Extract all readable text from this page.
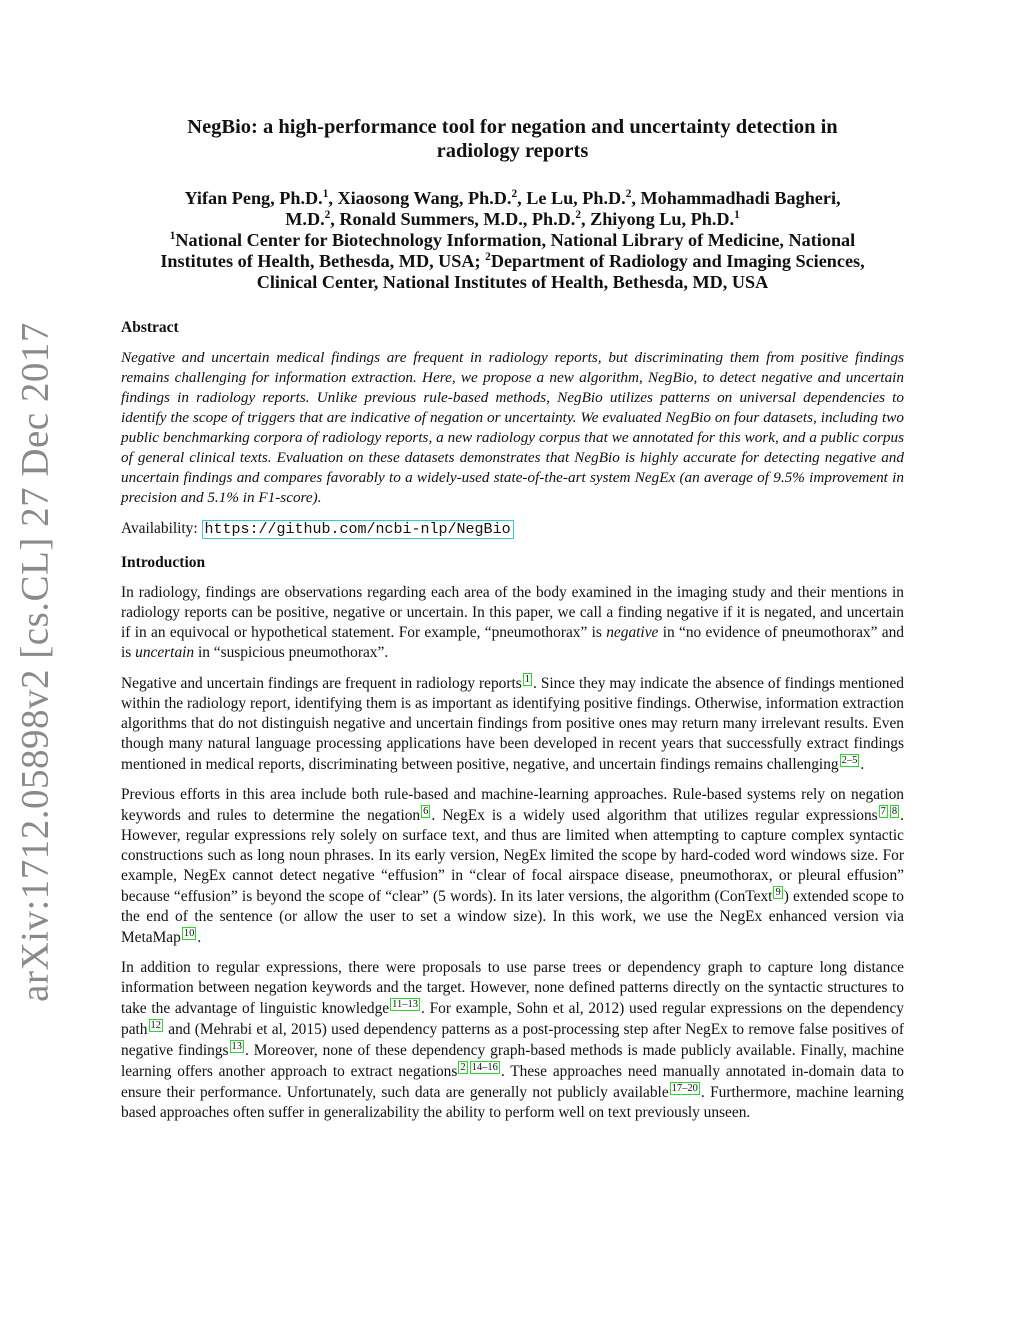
arXiv:1712.05898v2 [cs.CL] 27 Dec 2017
NegBio: a high-performance tool for negation and uncertainty detection in
radiology reports
Yifan Peng, Ph.D.$^1$, Xiaosong Wang, Ph.D.$^2$, Le Lu, Ph.D.$^2$, Mohammadhadi Bagheri,
M.D.$^2$, Ronald Summers, M.D., Ph.D.$^2$, Zhiyong Lu, Ph.D.$^1$
$^1$National Center for Biotechnology Information, National Library of Medicine, National
Institutes of Health, Bethesda, MD, USA; $^2$Department of Radiology and Imaging Sciences,
Clinical Center, National Institutes of Health, Bethesda, MD, USA
Abstract
Negative and uncertain medical findings are frequent in radiology reports, but discriminating them from positive findings remains challenging for information extraction. Here, we propose a new algorithm, NegBio, to detect negative and uncertain findings in radiology reports. Unlike previous rule-based methods, NegBio utilizes patterns on universal dependencies to identify the scope of triggers that are indicative of negation or uncertainty. We evaluated NegBio on four datasets, including two public benchmarking corpora of radiology reports, a new radiology corpus that we annotated for this work, and a public corpus of general clinical texts. Evaluation on these datasets demonstrates that NegBio is highly accurate for detecting negative and uncertain findings and compares favorably to a widely-used state-of-the-art system NegEx (an average of 9.5% improvement in precision and 5.1% in F1-score).
Availability: https://github.com/ncbi-nlp/NegBio
Introduction

In radiology, findings are observations regarding each area of the body examined in the imaging study and their mentions in radiology reports can be positive, negative or uncertain. In this paper, we call a finding negative if it is negated, and uncertain if in an equivocal or hypothetical statement. For example, “pneumothorax” is negative in “no evidence of pneumothorax” and is uncertain in “suspicious pneumothorax”.

Negative and uncertain findings are frequent in radiology reports 1 . Since they may indicate the absence of findings mentioned within the radiology report, identifying them is as important as identifying positive findings. Otherwise, information extraction algorithms that do not distinguish negative and uncertain findings from positive ones may return many irrelevant results. Even though many natural language processing applications have been developed in recent years that successfully extract findings mentioned in medical reports, discriminating between positive, negative, and uncertain findings remains challenging 2–5 .

Previous efforts in this area include both rule-based and machine-learning approaches. Rule-based systems rely on negation keywords and rules to determine the negation 6 . NegEx is a widely used algorithm that utilizes regular expressions 7 8 . However, regular expressions rely solely on surface text, and thus are limited when attempting to capture complex syntactic constructions such as long noun phrases. In its early version, NegEx limited the scope by hard-coded word windows size. For example, NegEx cannot detect negative “effusion” in “clear of focal airspace disease, pneumothorax, or pleural effusion” because “effusion” is beyond the scope of “clear” (5 words). In its later versions, the algorithm (ConText 9 ) extended scope to the end of the sentence (or allow the user to set a window size). In this work, we use the NegEx enhanced version via MetaMap 10 .

In addition to regular expressions, there were proposals to use parse trees or dependency graph to capture long distance information between negation keywords and the target. However, none defined patterns directly on the syntactic structures to take the advantage of linguistic knowledge 11–13 . For example, Sohn et al, 2012) used regular expressions on the dependency path 12 and (Mehrabi et al, 2015) used dependency patterns as a post-processing step after NegEx to remove false positives of negative findings 13 . Moreover, none of these dependency graph-based methods is made publicly available. Finally, machine learning offers another approach to extract negations 2 14–16 . These approaches need manually annotated in-domain data to ensure their performance. Unfortunately, such data are generally not publicly available 17–20 . Furthermore, machine learning based approaches often suffer in generalizability the ability to perform well on text previously unseen.
